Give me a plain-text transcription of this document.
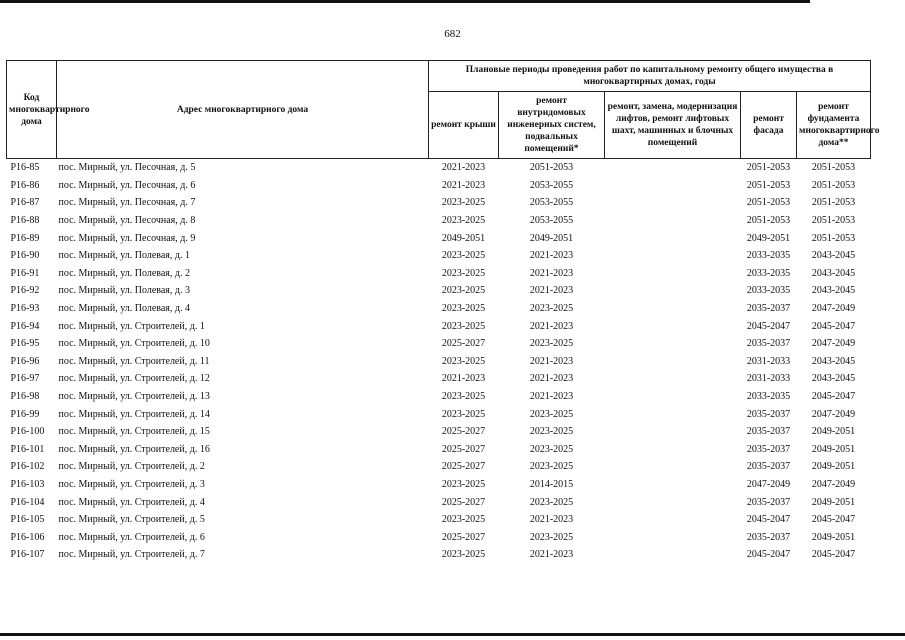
682
Код многоквартирного дома	Адрес многоквартирного дома	Плановые периоды проведения работ по капитальному ремонту общего имущества в многоквартирных домах, годы				
		ремонт крыши	ремонт внутридомовых инженерных систем, подвальных помещений*	ремонт, замена, модернизация лифтов, ремонт лифтовых шахт, машинных и блочных помещений	ремонт фасада	ремонт фундамента многоквартирного дома**
Р16-85	пос. Мирный, ул. Песочная, д. 5	2021-2023	2051-2053		2051-2053	2051-2053
Р16-86	пос. Мирный, ул. Песочная, д. 6	2021-2023	2053-2055		2051-2053	2051-2053
Р16-87	пос. Мирный, ул. Песочная, д. 7	2023-2025	2053-2055		2051-2053	2051-2053
Р16-88	пос. Мирный, ул. Песочная, д. 8	2023-2025	2053-2055		2051-2053	2051-2053
Р16-89	пос. Мирный, ул. Песочная, д. 9	2049-2051	2049-2051		2049-2051	2051-2053
Р16-90	пос. Мирный, ул. Полевая, д. 1	2023-2025	2021-2023		2033-2035	2043-2045
Р16-91	пос. Мирный, ул. Полевая, д. 2	2023-2025	2021-2023		2033-2035	2043-2045
Р16-92	пос. Мирный, ул. Полевая, д. 3	2023-2025	2021-2023		2033-2035	2043-2045
Р16-93	пос. Мирный, ул. Полевая, д. 4	2023-2025	2023-2025		2035-2037	2047-2049
Р16-94	пос. Мирный, ул. Строителей, д. 1	2023-2025	2021-2023		2045-2047	2045-2047
Р16-95	пос. Мирный, ул. Строителей, д. 10	2025-2027	2023-2025		2035-2037	2047-2049
Р16-96	пос. Мирный, ул. Строителей, д. 11	2023-2025	2021-2023		2031-2033	2043-2045
Р16-97	пос. Мирный, ул. Строителей, д. 12	2021-2023	2021-2023		2031-2033	2043-2045
Р16-98	пос. Мирный, ул. Строителей, д. 13	2023-2025	2021-2023		2033-2035	2045-2047
Р16-99	пос. Мирный, ул. Строителей, д. 14	2023-2025	2023-2025		2035-2037	2047-2049
Р16-100	пос. Мирный, ул. Строителей, д. 15	2025-2027	2023-2025		2035-2037	2049-2051
Р16-101	пос. Мирный, ул. Строителей, д. 16	2025-2027	2023-2025		2035-2037	2049-2051
Р16-102	пос. Мирный, ул. Строителей, д. 2	2025-2027	2023-2025		2035-2037	2049-2051
Р16-103	пос. Мирный, ул. Строителей, д. 3	2023-2025	2014-2015		2047-2049	2047-2049
Р16-104	пос. Мирный, ул. Строителей, д. 4	2025-2027	2023-2025		2035-2037	2049-2051
Р16-105	пос. Мирный, ул. Строителей, д. 5	2023-2025	2021-2023		2045-2047	2045-2047
Р16-106	пос. Мирный, ул. Строителей, д. 6	2025-2027	2023-2025		2035-2037	2049-2051
Р16-107	пос. Мирный, ул. Строителей, д. 7	2023-2025	2021-2023		2045-2047	2045-2047
